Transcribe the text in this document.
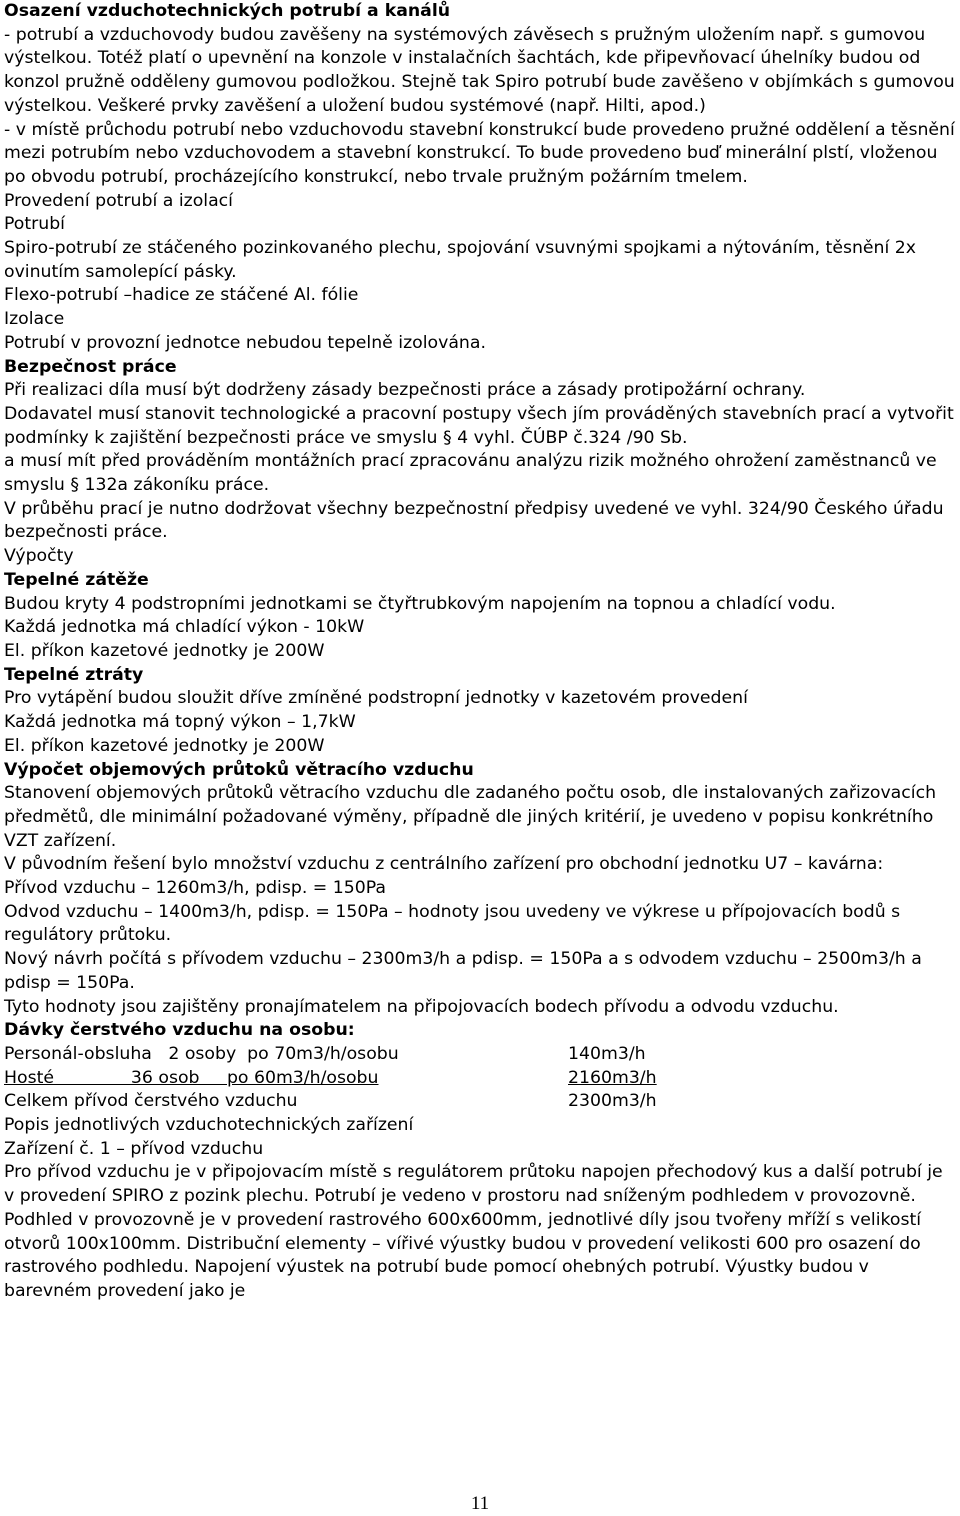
Osazení vzduchotechnických potrubí a kanálů

- potrubí a vzduchovody budou zavěšeny na systémových závěsech s pružným uložením např. s gumovou výstelkou. Totéž platí o upevnění na konzole v instalačních šachtách, kde připevňovací úhelníky budou od konzol pružně odděleny gumovou podložkou. Stejně tak Spiro potrubí bude zavěšeno v objímkách s gumovou výstelkou. Veškeré prvky zavěšení a uložení budou systémové (např. Hilti, apod.)

- v místě průchodu potrubí nebo vzduchovodu stavební konstrukcí bude provedeno pružné oddělení a těsnění mezi potrubím nebo vzduchovodem a stavební konstrukcí. To bude provedeno buď minerální plstí, vloženou po obvodu potrubí, procházejícího konstrukcí, nebo trvale pružným požárním tmelem.

Provedení potrubí a izolací

Potrubí

Spiro-potrubí ze stáčeného pozinkovaného plechu, spojování vsuvnými spojkami a nýtováním, těsnění 2x ovinutím samolepící pásky.

Flexo-potrubí –hadice ze stáčené Al. fólie

Izolace

Potrubí v provozní jednotce nebudou tepelně izolována.

Bezpečnost práce

Při realizaci díla musí být dodrženy zásady bezpečnosti práce a zásady protipožární ochrany.

Dodavatel musí stanovit technologické a pracovní postupy všech jím prováděných stavebních prací a vytvořit podmínky k zajištění bezpečnosti práce ve smyslu § 4 vyhl. ČÚBP č.324 /90 Sb.

a musí mít před prováděním montážních prací zpracovánu analýzu rizik možného ohrožení zaměstnanců ve smyslu § 132a zákoníku práce.

V průběhu prací je nutno dodržovat všechny bezpečnostní předpisy uvedené ve vyhl. 324/90 Českého úřadu bezpečnosti práce.

Výpočty

Tepelné zátěže

Budou kryty 4 podstropními jednotkami se čtyřtrubkovým napojením na topnou a chladící vodu.

Každá jednotka má chladící výkon - 10kW

El. příkon kazetové jednotky je 200W

Tepelné ztráty

Pro vytápění budou sloužit dříve zmíněné podstropní jednotky v kazetovém provedení

Každá jednotka má topný výkon – 1,7kW

El. příkon kazetové jednotky je 200W

Výpočet objemových průtoků větracího vzduchu

Stanovení objemových průtoků větracího vzduchu dle zadaného počtu osob, dle instalovaných zařizovacích předmětů, dle minimální požadované výměny, případně dle jiných kritérií, je uvedeno v popisu konkrétního VZT zařízení.

V původním řešení bylo množství vzduchu z centrálního zařízení pro obchodní jednotku U7 – kavárna:

Přívod vzduchu – 1260m3/h, pdisp. = 150Pa

Odvod vzduchu – 1400m3/h, pdisp. = 150Pa – hodnoty jsou uvedeny ve výkrese u přípojovacích bodů s regulátory průtoku.

Nový návrh počítá s přívodem vzduchu – 2300m3/h a pdisp. = 150Pa a s odvodem vzduchu – 2500m3/h a pdisp = 150Pa.

Tyto hodnoty jsou zajištěny pronajímatelem na připojovacích bodech přívodu a odvodu vzduchu.

Dávky čerstvého vzduchu na osobu:

Personál-obsluha   2 osoby  po 70m3/h/osobu	140m3/h
Hosté              36 osob     po 60m3/h/osobu	2160m3/h
Celkem přívod čerstvého vzduchu	2300m3/h

Popis jednotlivých vzduchotechnických zařízení

Zařízení č. 1 – přívod vzduchu

Pro přívod vzduchu je v připojovacím místě s regulátorem průtoku napojen přechodový kus a další potrubí je v provedení SPIRO z pozink plechu. Potrubí je vedeno v prostoru nad sníženým podhledem v provozovně. Podhled v provozovně je v provedení rastrového 600x600mm, jednotlivé díly jsou tvořeny mříží s velikostí otvorů 100x100mm. Distribuční elementy – vířivé výustky budou v provedení velikosti 600 pro osazení do rastrového podhledu. Napojení výustek na potrubí bude pomocí ohebných potrubí. Výustky budou v barevném provedení jako je

11
